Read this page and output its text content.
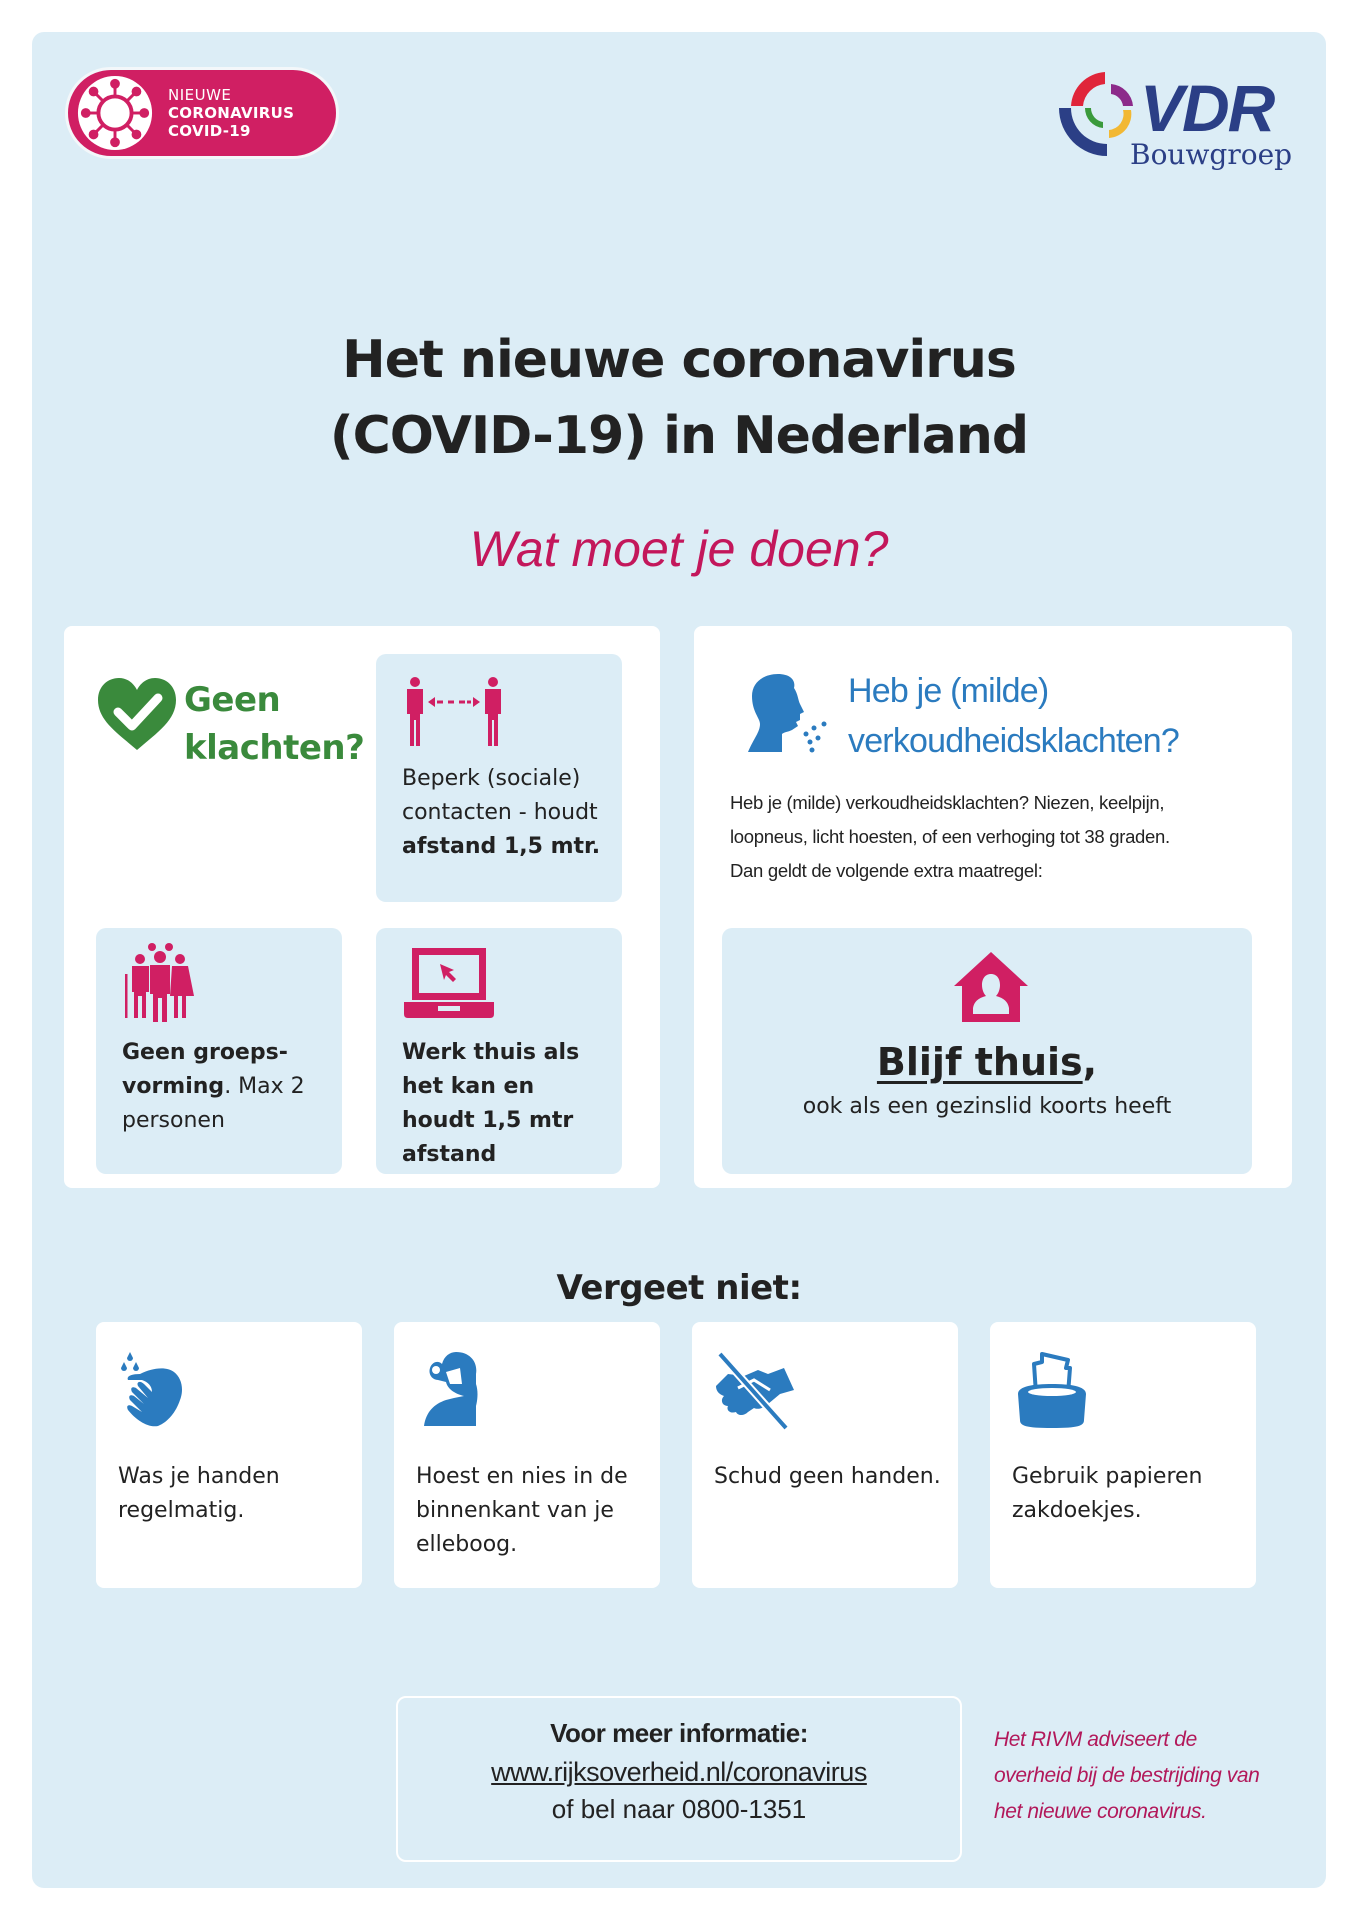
NIEUWE
CORONAVIRUS
COVID-19	VDR
Bouwgroep
Het nieuwe coronavirus
(COVID-19) in Nederland
Wat moet je doen?
Geen
klachten?
Beperk (sociale) contacten - houdt afstand 1,5 mtr.
Geen groeps- vorming. Max 2 personen
Werk thuis als het kan en houdt 1,5 mtr afstand
Heb je (milde)
verkoudheidsklachten?
Heb je (milde) verkoudheidsklachten? Niezen, keelpijn,
loopneus, licht hoesten, of een verhoging tot 38 graden.
Dan geldt de volgende extra maatregel:
Blijf thuis,
ook als een gezinslid koorts heeft
Vergeet niet:
Was je handen regelmatig.
Hoest en nies in de binnenkant van je elleboog.
Schud geen handen.	Gebruik papieren zakdoekjes.
Voor meer informatie:
www.rijksoverheid.nl/coronavirus
of bel naar 0800-1351
Het RIVM adviseert de overheid bij de bestrijding van het nieuwe coronavirus.
